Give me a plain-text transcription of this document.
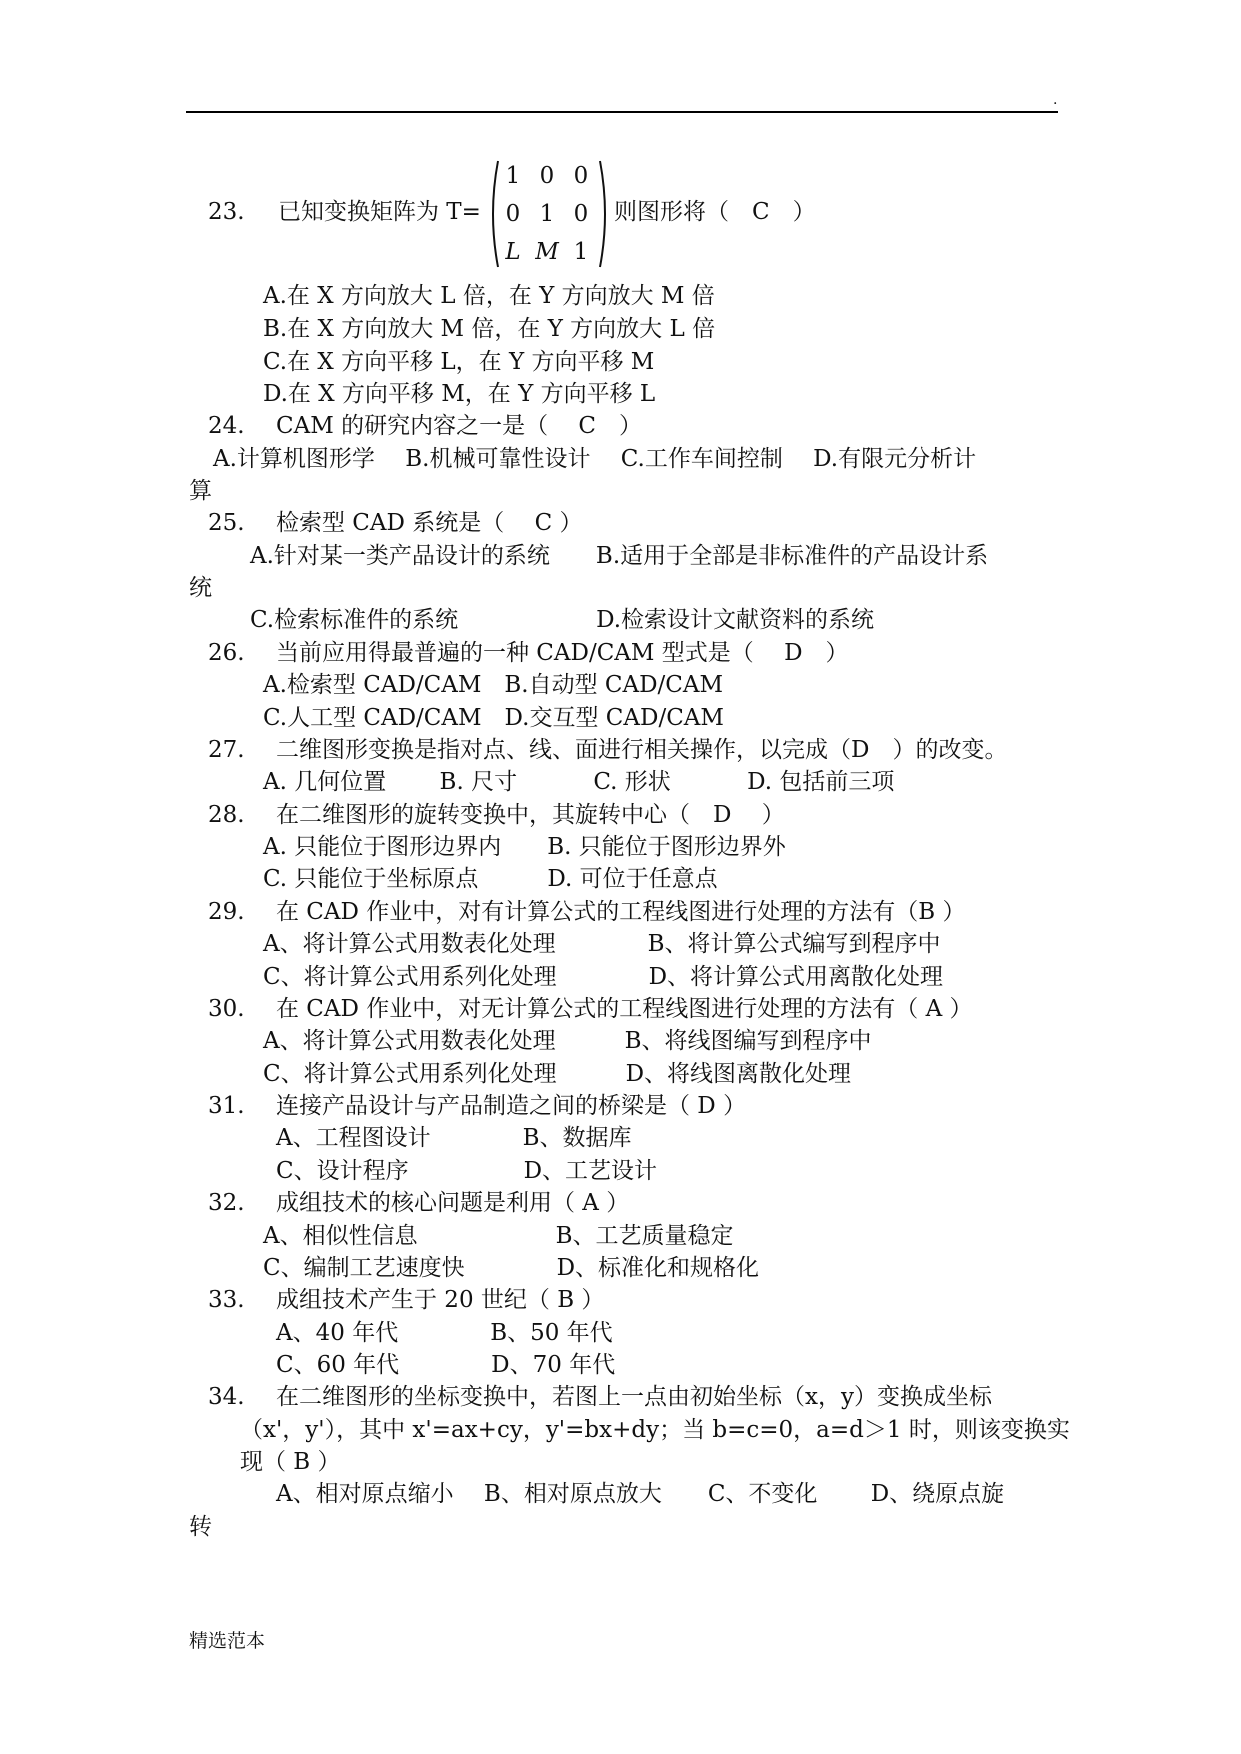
.
23. 已知变换矩阵为 T=
1 0 0
0 1 0
L M 1
则图形将（　C　）
A.在 X 方向放大 L 倍，在 Y 方向放大 M 倍
B.在 X 方向放大 M 倍，在 Y 方向放大 L 倍
C.在 X 方向平移 L，在 Y 方向平移 M
D.在 X 方向平移 M，在 Y 方向平移 L
24. CAM 的研究内容之一是（　 C　）
A.计算机图形学　 B.机械可靠性设计　 C.工作车间控制　 D.有限元分析计
算
25. 检索型 CAD 系统是（　 C ）
A.针对某一类产品设计的系统　　B.适用于全部是非标准件的产品设计系
统
C.检索标准件的系统　　　　　　D.检索设计文献资料的系统
26. 当前应用得最普遍的一种 CAD/CAM 型式是（　 D　）
A.检索型 CAD/CAM　B.自动型 CAD/CAM
C.人工型 CAD/CAM　D.交互型 CAD/CAM
27. 二维图形变换是指对点、线、面进行相关操作，以完成（D　）的改变。
A. 几何位置　　 B. 尺寸　　　 C. 形状　　　 D. 包括前三项
28. 在二维图形的旋转变换中，其旋转中心（　D　 ）
A. 只能位于图形边界内　　B. 只能位于图形边界外
C. 只能位于坐标原点　　　D. 可位于任意点
29. 在 CAD 作业中，对有计算公式的工程线图进行处理的方法有（B ）
A、将计算公式用数表化处理　　　　B、将计算公式编写到程序中
C、将计算公式用系列化处理　　　　D、将计算公式用离散化处理
30. 在 CAD 作业中，对无计算公式的工程线图进行处理的方法有（ A ）
A、将计算公式用数表化处理　　　B、将线图编写到程序中
C、将计算公式用系列化处理　　　D、将线图离散化处理
31. 连接产品设计与产品制造之间的桥梁是（ D ）
A、工程图设计　　　　B、数据库
C、设计程序　　　　　D、工艺设计
32. 成组技术的核心问题是利用（ A ）
A、相似性信息　　　　　　B、工艺质量稳定
C、编制工艺速度快　　　　D、标准化和规格化
33. 成组技术产生于 20 世纪（ B ）
A、40 年代　　　　B、50 年代
C、60 年代　　　　D、70 年代
34. 在二维图形的坐标变换中，若图上一点由初始坐标（x，y）变换成坐标
（x'，y'），其中 x'=ax+cy，y'=bx+dy；当 b=c=0，a=d＞1 时，则该变换实
现（ B ）
A、相对原点缩小　 B、相对原点放大　　C、不变化　　 D、绕原点旋
转
精选范本
